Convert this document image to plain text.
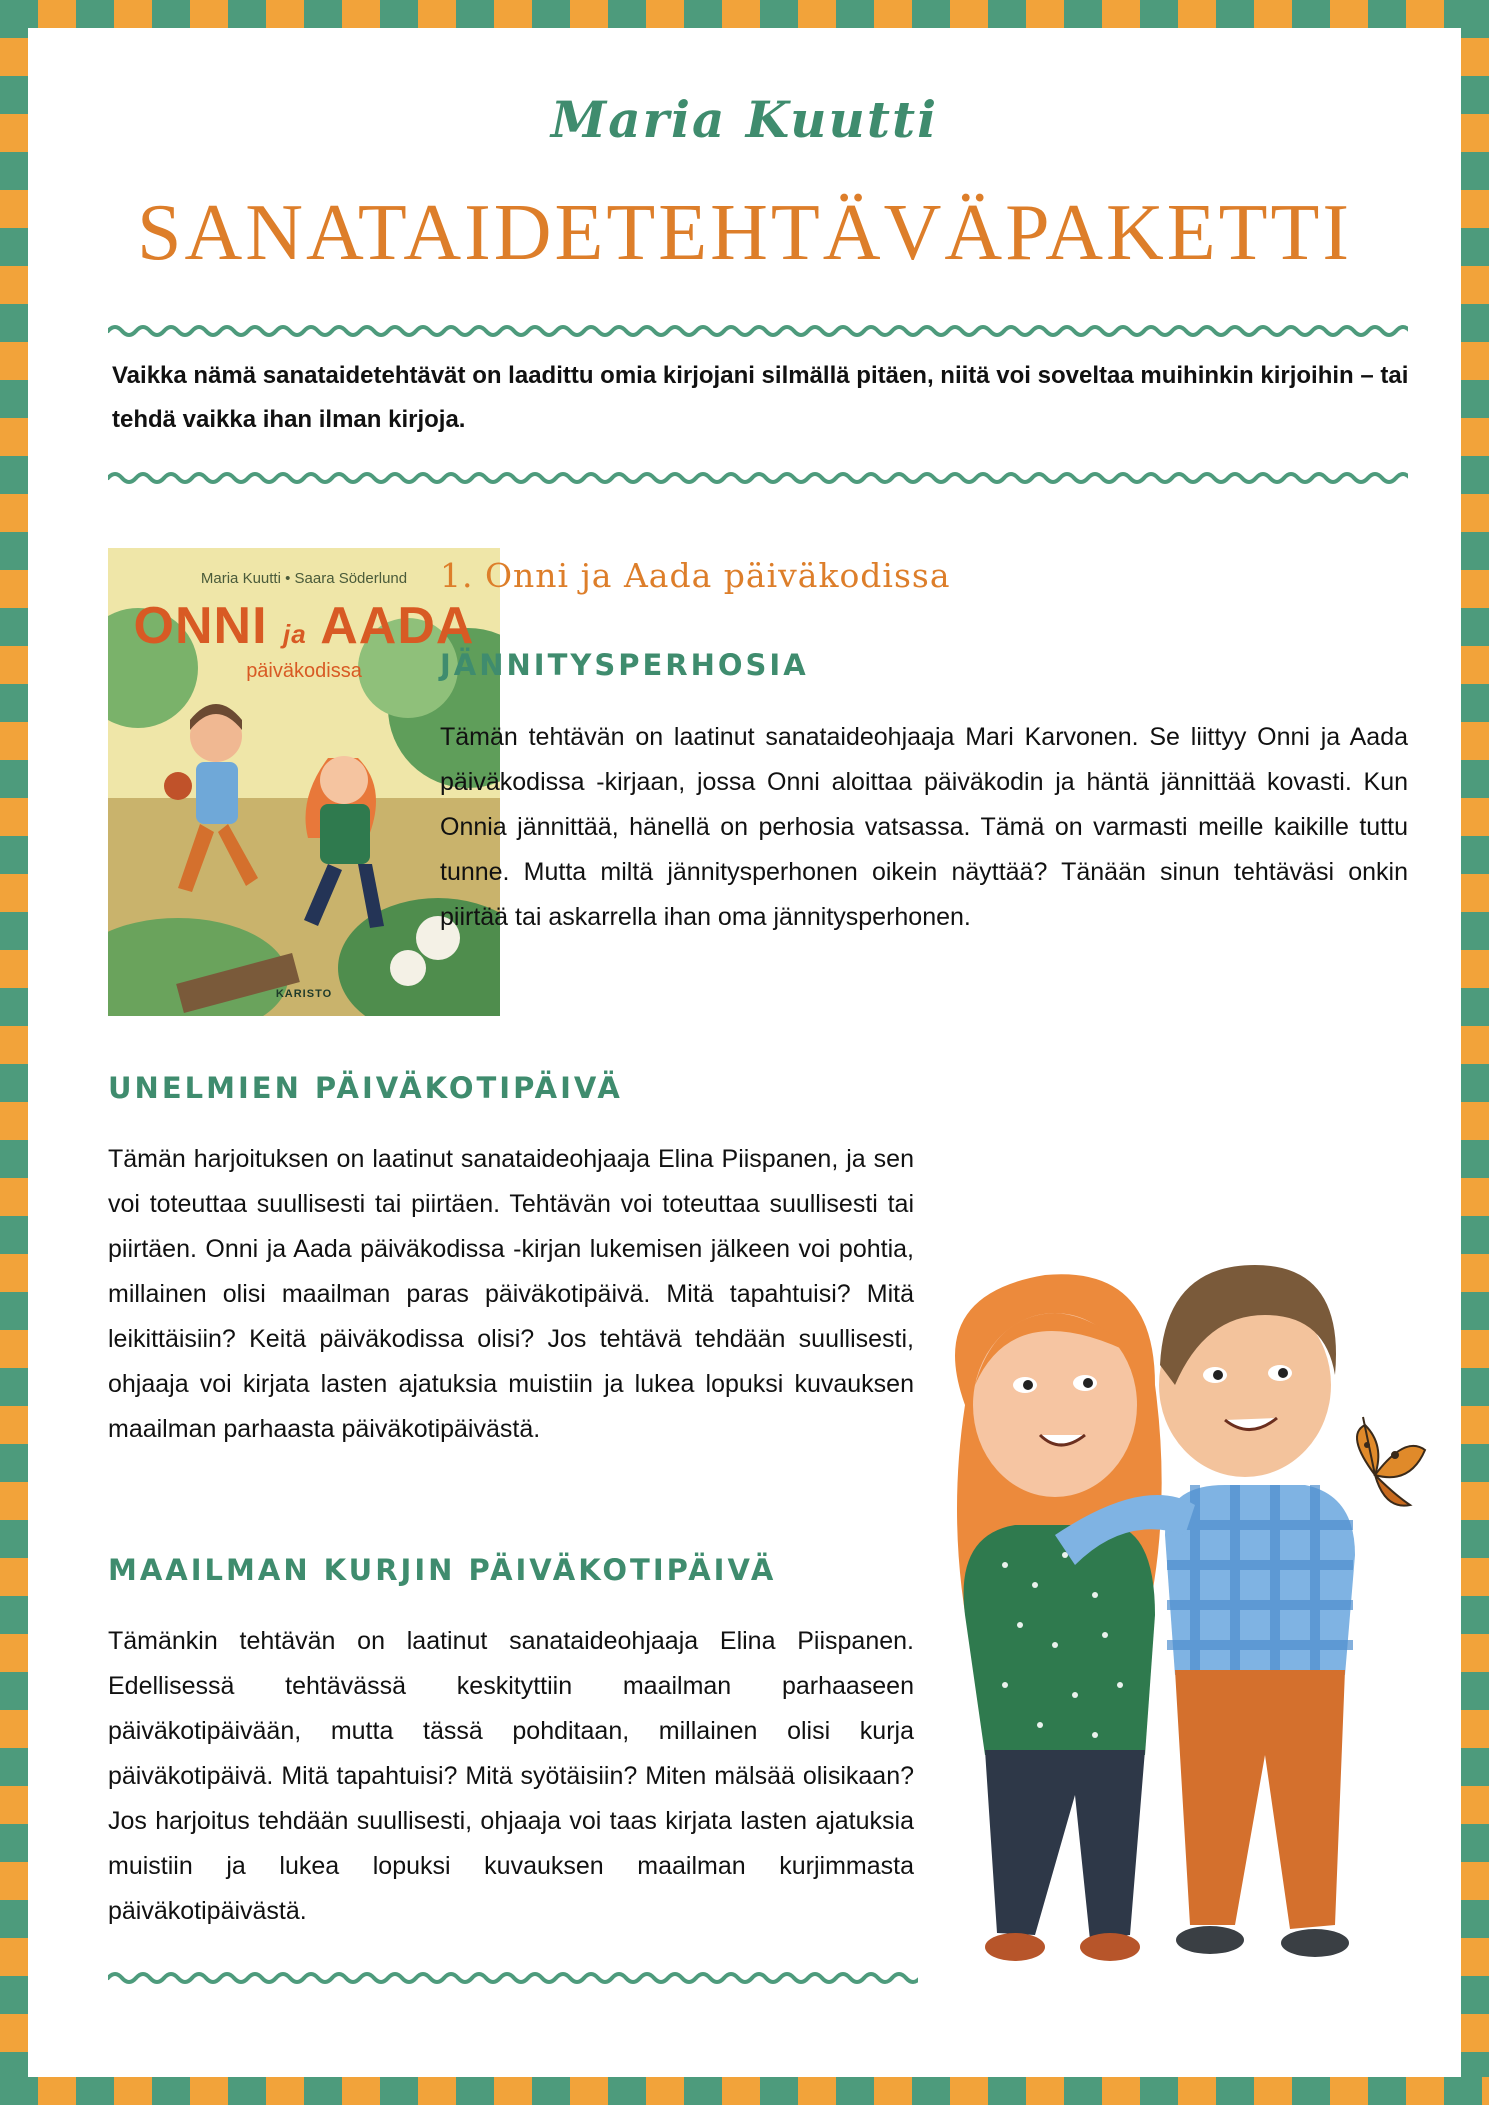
Maria Kuutti
SANATAIDETEHTÄVÄPAKETTI
Vaikka nämä sanataidetehtävät on laadittu omia kirjojani silmällä pitäen, niitä voi soveltaa muihinkin kirjoihin – tai tehdä vaikka ihan ilman kirjoja.
Maria Kuutti • Saara Söderlund
ONNI ja AADA
päiväkodissa
KARISTO
1. Onni ja Aada päiväkodissa
JÄNNITYSPERHOSIA
Tämän tehtävän on laatinut sanataideohjaaja Mari Karvonen. Se liittyy Onni ja Aada päiväkodissa -kirjaan, jossa Onni aloittaa päiväkodin ja häntä jännittää kovasti. Kun Onnia jännittää, hänellä on perhosia vatsassa. Tämä on varmasti meille kaikille tuttu tunne. Mutta miltä jännitysperhonen oikein näyttää? Tänään sinun tehtäväsi onkin piirtää tai askarrella ihan oma jännitysperhonen.
UNELMIEN PÄIVÄKOTIPÄIVÄ
Tämän harjoituksen on laatinut sanataideohjaaja Elina Piispanen, ja sen voi toteuttaa suullisesti tai piirtäen. Tehtävän voi toteuttaa suullisesti tai piirtäen. Onni ja Aada päiväkodissa -kirjan lukemisen jälkeen voi pohtia, millainen olisi maailman paras päiväkotipäivä. Mitä tapahtuisi? Mitä leikittäisiin? Keitä päiväkodissa olisi? Jos tehtävä tehdään suullisesti, ohjaaja voi kirjata lasten ajatuksia muistiin ja lukea lopuksi kuvauksen maailman parhaasta päiväkotipäivästä.
MAAILMAN KURJIN PÄIVÄKOTIPÄIVÄ
Tämänkin tehtävän on laatinut sanataideohjaaja Elina Piispanen. Edellisessä tehtävässä keskityttiin maailman parhaaseen päiväkotipäivään, mutta tässä pohditaan, millainen olisi kurja päiväkotipäivä. Mitä tapahtuisi? Mitä syötäisiin? Miten mälsää olisikaan? Jos harjoitus tehdään suullisesti, ohjaaja voi taas kirjata lasten ajatuksia muistiin ja lukea lopuksi kuvauksen maailman kurjimmasta päiväkotipäivästä.
